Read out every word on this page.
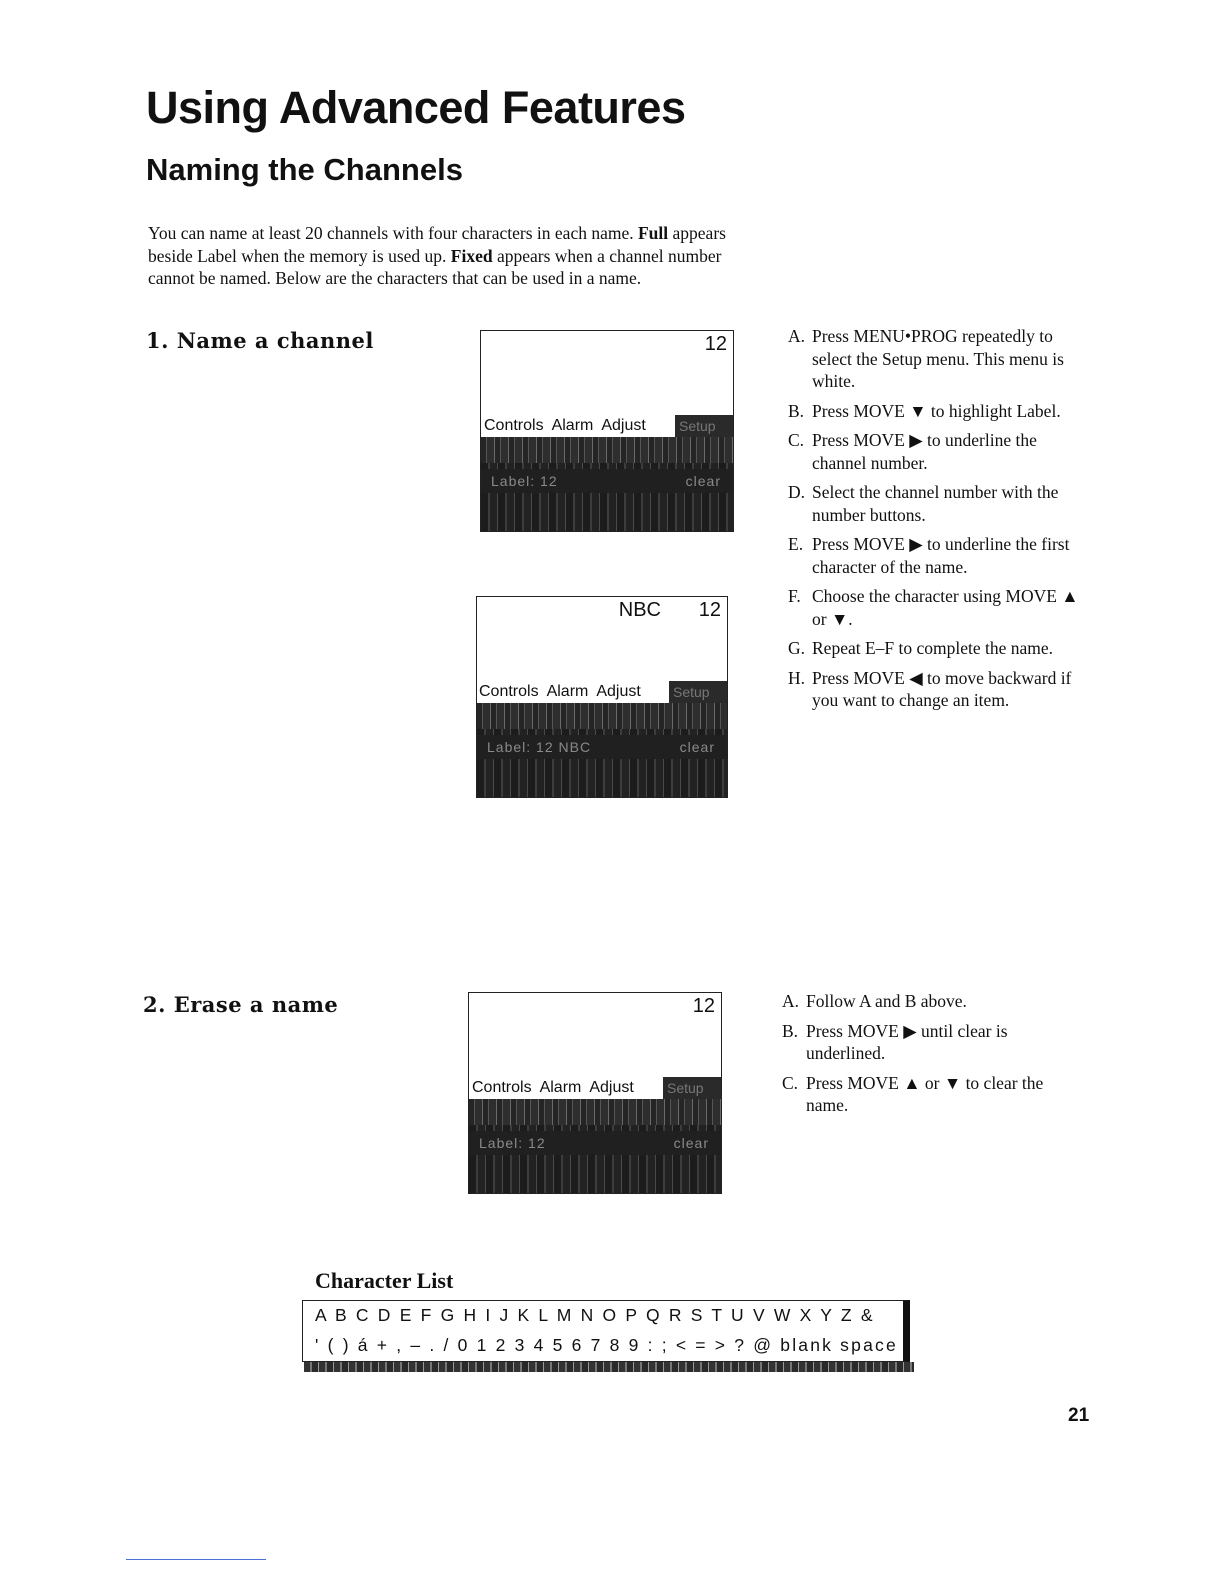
Using Advanced Features
Naming the Channels

You can name at least 20 channels with four characters in each name. Full appears beside Label when the memory is used up. Fixed appears when a channel number cannot be named. Below are the characters that can be used in a name.

1. Name a channel	12
Controls Alarm Adjust Setup
Label: 12	clear
NBC 12
Controls Alarm Adjust Setup
Label: 12 NBC	clear
A. Press MENU•PROG repeatedly to select the Setup menu. This menu is white.
B. Press MOVE ▼ to highlight Label.
C. Press MOVE ▶ to underline the channel number.
D. Select the channel number with the number buttons.
E. Press MOVE ▶ to underline the first character of the name.
F. Choose the character using MOVE ▲ or ▼.
G. Repeat E–F to complete the name.
H. Press MOVE ◀ to move backward if you want to change an item.
2. Erase a name	12
Controls Alarm Adjust Setup
Label: 12	clear
A. Follow A and B above.
B. Press MOVE ▶ until clear is underlined.
C. Press MOVE ▲ or ▼ to clear the name.
Character List
A B C D E F G H I J K L M N O P Q R S T U V W X Y Z &
' ( ) á + , – . / 0 1 2 3 4 5 6 7 8 9 : ; < = > ? @ blank space
21
